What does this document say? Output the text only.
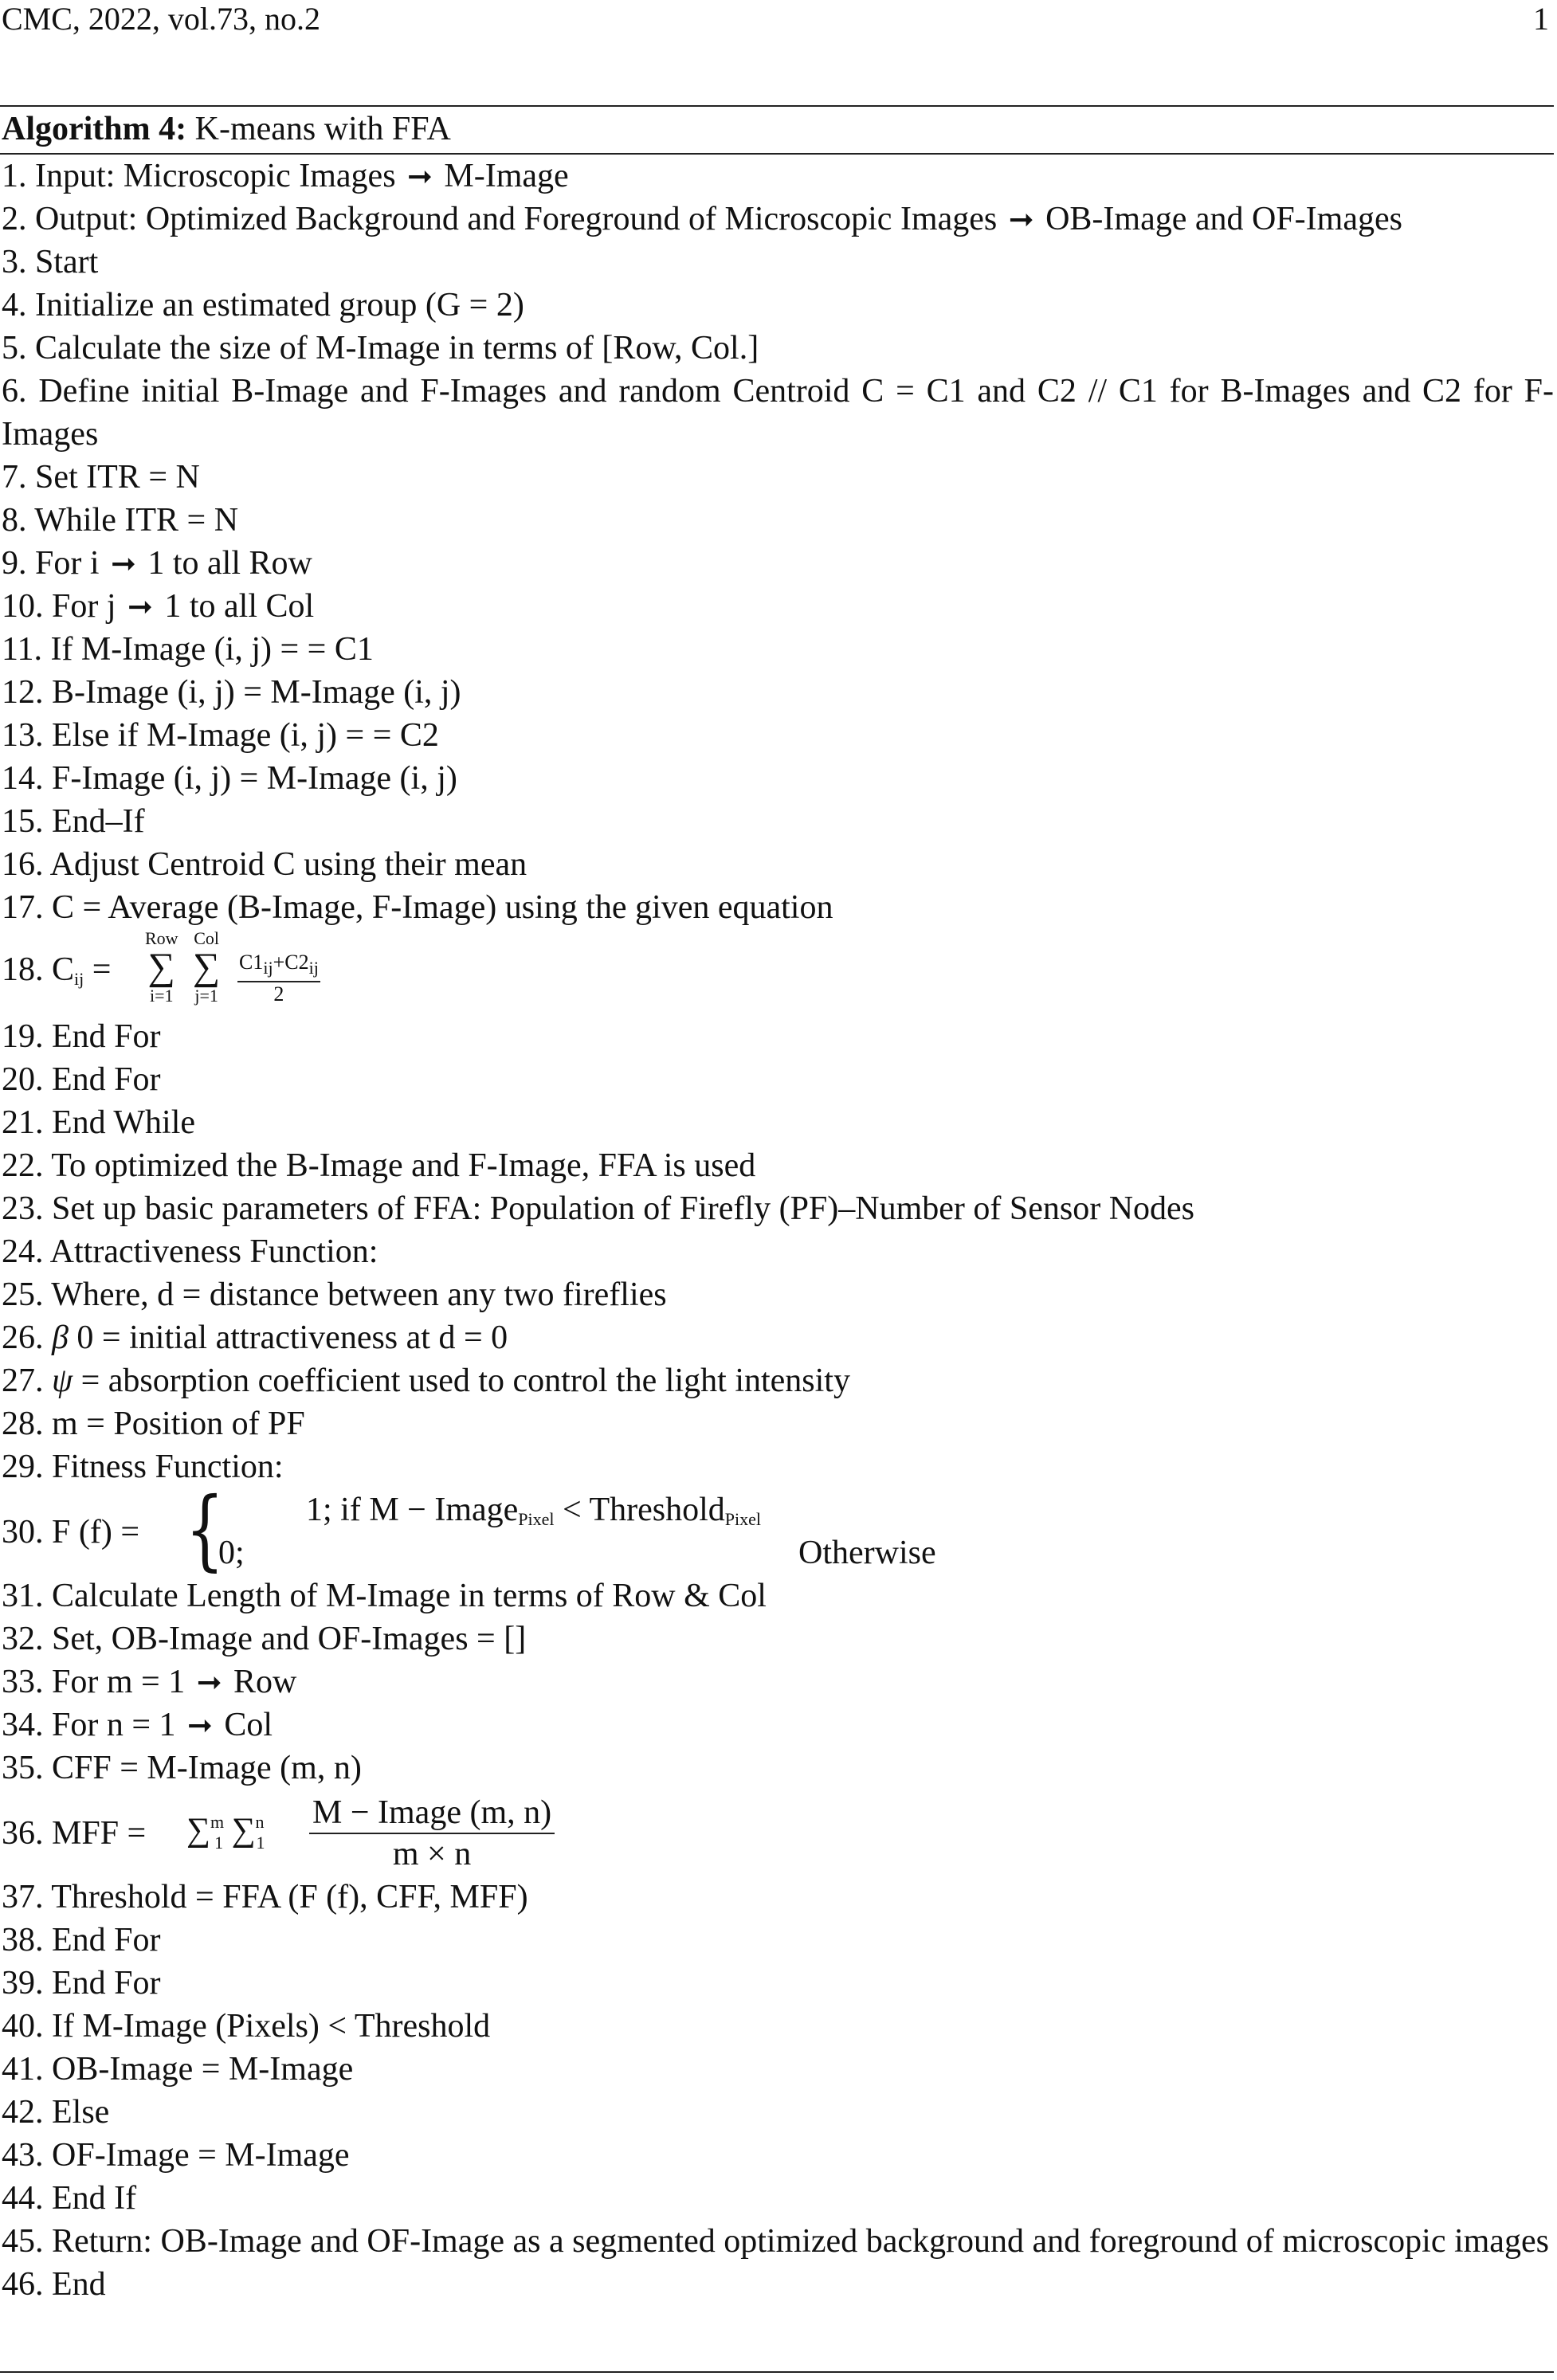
CMC, 2022, vol.73, no.2	1
Algorithm 4: K-means with FFA
1. Input: Microscopic Images ➞ M-Image
2. Output: Optimized Background and Foreground of Microscopic Images ➞ OB-Image and OF-Images
3. Start
4. Initialize an estimated group (G = 2)
5. Calculate the size of M-Image in terms of [Row, Col.]
6. Define initial B-Image and F-Images and random Centroid C = C1 and C2 // C1 for B-Images and C2 for F-Images
7. Set ITR = N
8. While ITR = N
9. For i ➞ 1 to all Row
10. For j ➞ 1 to all Col
11. If M-Image (i, j) = = C1
12. B-Image (i, j) = M-Image (i, j)
13. Else if M-Image (i, j) = = C2
14. F-Image (i, j) = M-Image (i, j)
15. End–If
16. Adjust Centroid C using their mean
17. C = Average (B-Image, F-Image) using the given equation
18. $C_{ij}$ =
Row
∑
i=1
Col
∑
$j=1 \frac{C1_{ij}+C2_{ij}}{2}$
19. End For
20. End For
21. End While
22. To optimized the B-Image and F-Image, FFA is used
23. Set up basic parameters of FFA: Population of Firefly (PF)–Number of Sensor Nodes
24. Attractiveness Function:
25. Where, d = distance between any two fireflies
26. β 0 = initial attractiveness at d = 0
27. ψ = absorption coefficient used to control the light intensity
28. m = Position of PF
29. Fitness Function:
30. F (f) = { 1; if M − ImagePixel < ThresholdPixel
0;	Otherwise
31. Calculate Length of M-Image in terms of Row & Col
32. Set, OB-Image and OF-Images = []
33. For m = 1 ➞ Row
34. For n = 1 ➞ Col
35. CFF = M-Image (m, n)
36. MFF = ∑$^m_1$ ∑$^n_1$
M − Image (m, n)
m × n
37. Threshold = FFA (F (f), CFF, MFF)
38. End For
39. End For
40. If M-Image (Pixels) < Threshold
41. OB-Image = M-Image
42. Else
43. OF-Image = M-Image
44. End If
45. Return: OB-Image and OF-Image as a segmented optimized background and foreground of microscopic images
46. End
